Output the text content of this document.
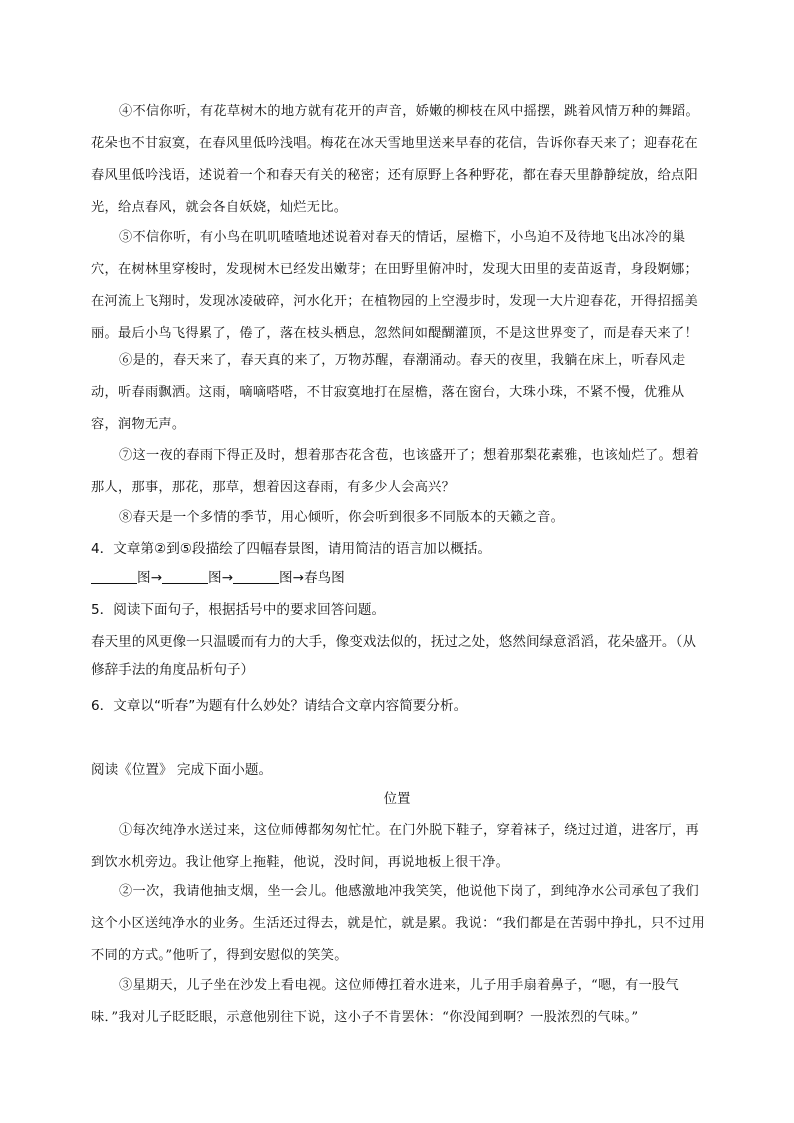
④不信你听，有花草树木的地方就有花开的声音，娇嫩的柳枝在风中摇摆，跳着风情万种的舞蹈。花朵也不甘寂寞，在春风里低吟浅唱。梅花在冰天雪地里送来早春的花信，告诉你春天来了；迎春花在春风里低吟浅语，述说着一个和春天有关的秘密；还有原野上各种野花，都在春天里静静绽放，给点阳光，给点春风，就会各自妖娆，灿烂无比。
⑤不信你听，有小鸟在叽叽喳喳地述说着对春天的情话，屋檐下，小鸟迫不及待地飞出冰冷的巢穴，在树林里穿梭时，发现树木已经发出嫩芽；在田野里俯冲时，发现大田里的麦苗返青，身段婀娜；在河流上飞翔时，发现冰凌破碎，河水化开；在植物园的上空漫步时，发现一大片迎春花，开得招摇美丽。最后小鸟飞得累了，倦了，落在枝头栖息，忽然间如醍醐灌顶，不是这世界变了，而是春天来了！
⑥是的，春天来了，春天真的来了，万物苏醒，春潮涌动。春天的夜里，我躺在床上，听春风走动，听春雨飘洒。这雨，嘀嘀嗒嗒，不甘寂寞地打在屋檐，落在窗台，大珠小珠，不紧不慢，优雅从容，润物无声。
⑦这一夜的春雨下得正及时，想着那杏花含苞，也该盛开了；想着那梨花素雅，也该灿烂了。想着那人，那事，那花，那草，想着因这春雨，有多少人会高兴？
⑧春天是一个多情的季节，用心倾听，你会听到很多不同版本的天籁之音。
4．文章第②到⑤段描绘了四幅春景图，请用简洁的语言加以概括。
图→	图→	图→春鸟图
5．阅读下面句子，根据括号中的要求回答问题。
春天里的风更像一只温暖而有力的大手，像变戏法似的，抚过之处，悠然间绿意滔滔，花朵盛开。（从修辞手法的角度品析句子）
6．文章以“听春”为题有什么妙处？请结合文章内容简要分析。
阅读《位置》 完成下面小题。
位置
①每次纯净水送过来，这位师傅都匆匆忙忙。在门外脱下鞋子，穿着袜子，绕过过道，进客厅，再到饮水机旁边。我让他穿上拖鞋，他说，没时间，再说地板上很干净。
②一次，我请他抽支烟，坐一会儿。他感激地冲我笑笑，他说他下岗了，到纯净水公司承包了我们这个小区送纯净水的业务。生活还过得去，就是忙，就是累。我说：“我们都是在苦弱中挣扎，只不过用不同的方式。”他听了，得到安慰似的笑笑。
③星期天，儿子坐在沙发上看电视。这位师傅扛着水进来，儿子用手扇着鼻子，“嗯，有一股气味．”我对儿子眨眨眼，示意他别往下说，这小子不肯罢休：“你没闻到啊？一股浓烈的气味。”
